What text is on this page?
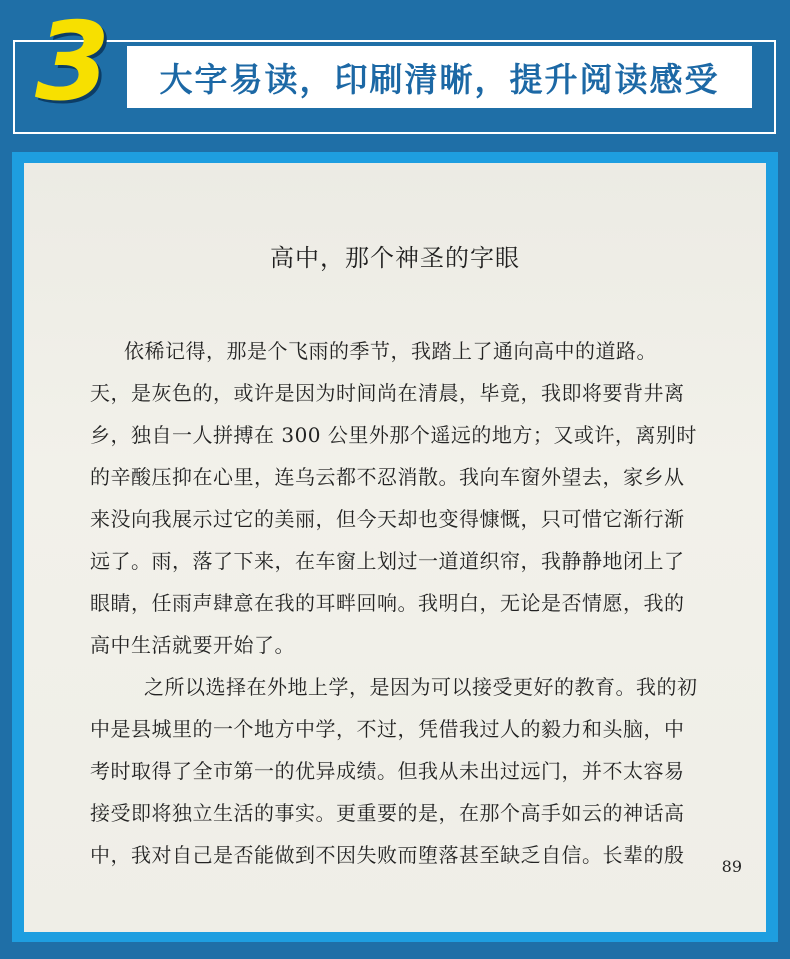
3 大字易读，印刷清晰，提升阅读感受
高中，那个神圣的字眼
依稀记得，那是个飞雨的季节，我踏上了通向高中的道路。
天，是灰色的，或许是因为时间尚在清晨，毕竟，我即将要背井离
乡，独自一人拼搏在 300 公里外那个遥远的地方；又或许，离别时
的辛酸压抑在心里，连乌云都不忍消散。我向车窗外望去，家乡从
来没向我展示过它的美丽，但今天却也变得慷慨，只可惜它渐行渐
远了。雨，落了下来，在车窗上划过一道道织帘，我静静地闭上了
眼睛，任雨声肆意在我的耳畔回响。我明白，无论是否情愿，我的
高中生活就要开始了。
之所以选择在外地上学，是因为可以接受更好的教育。我的初
中是县城里的一个地方中学，不过，凭借我过人的毅力和头脑，中
考时取得了全市第一的优异成绩。但我从未出过远门，并不太容易
接受即将独立生活的事实。更重要的是，在那个高手如云的神话高
中，我对自己是否能做到不因失败而堕落甚至缺乏自信。长辈的殷 89
